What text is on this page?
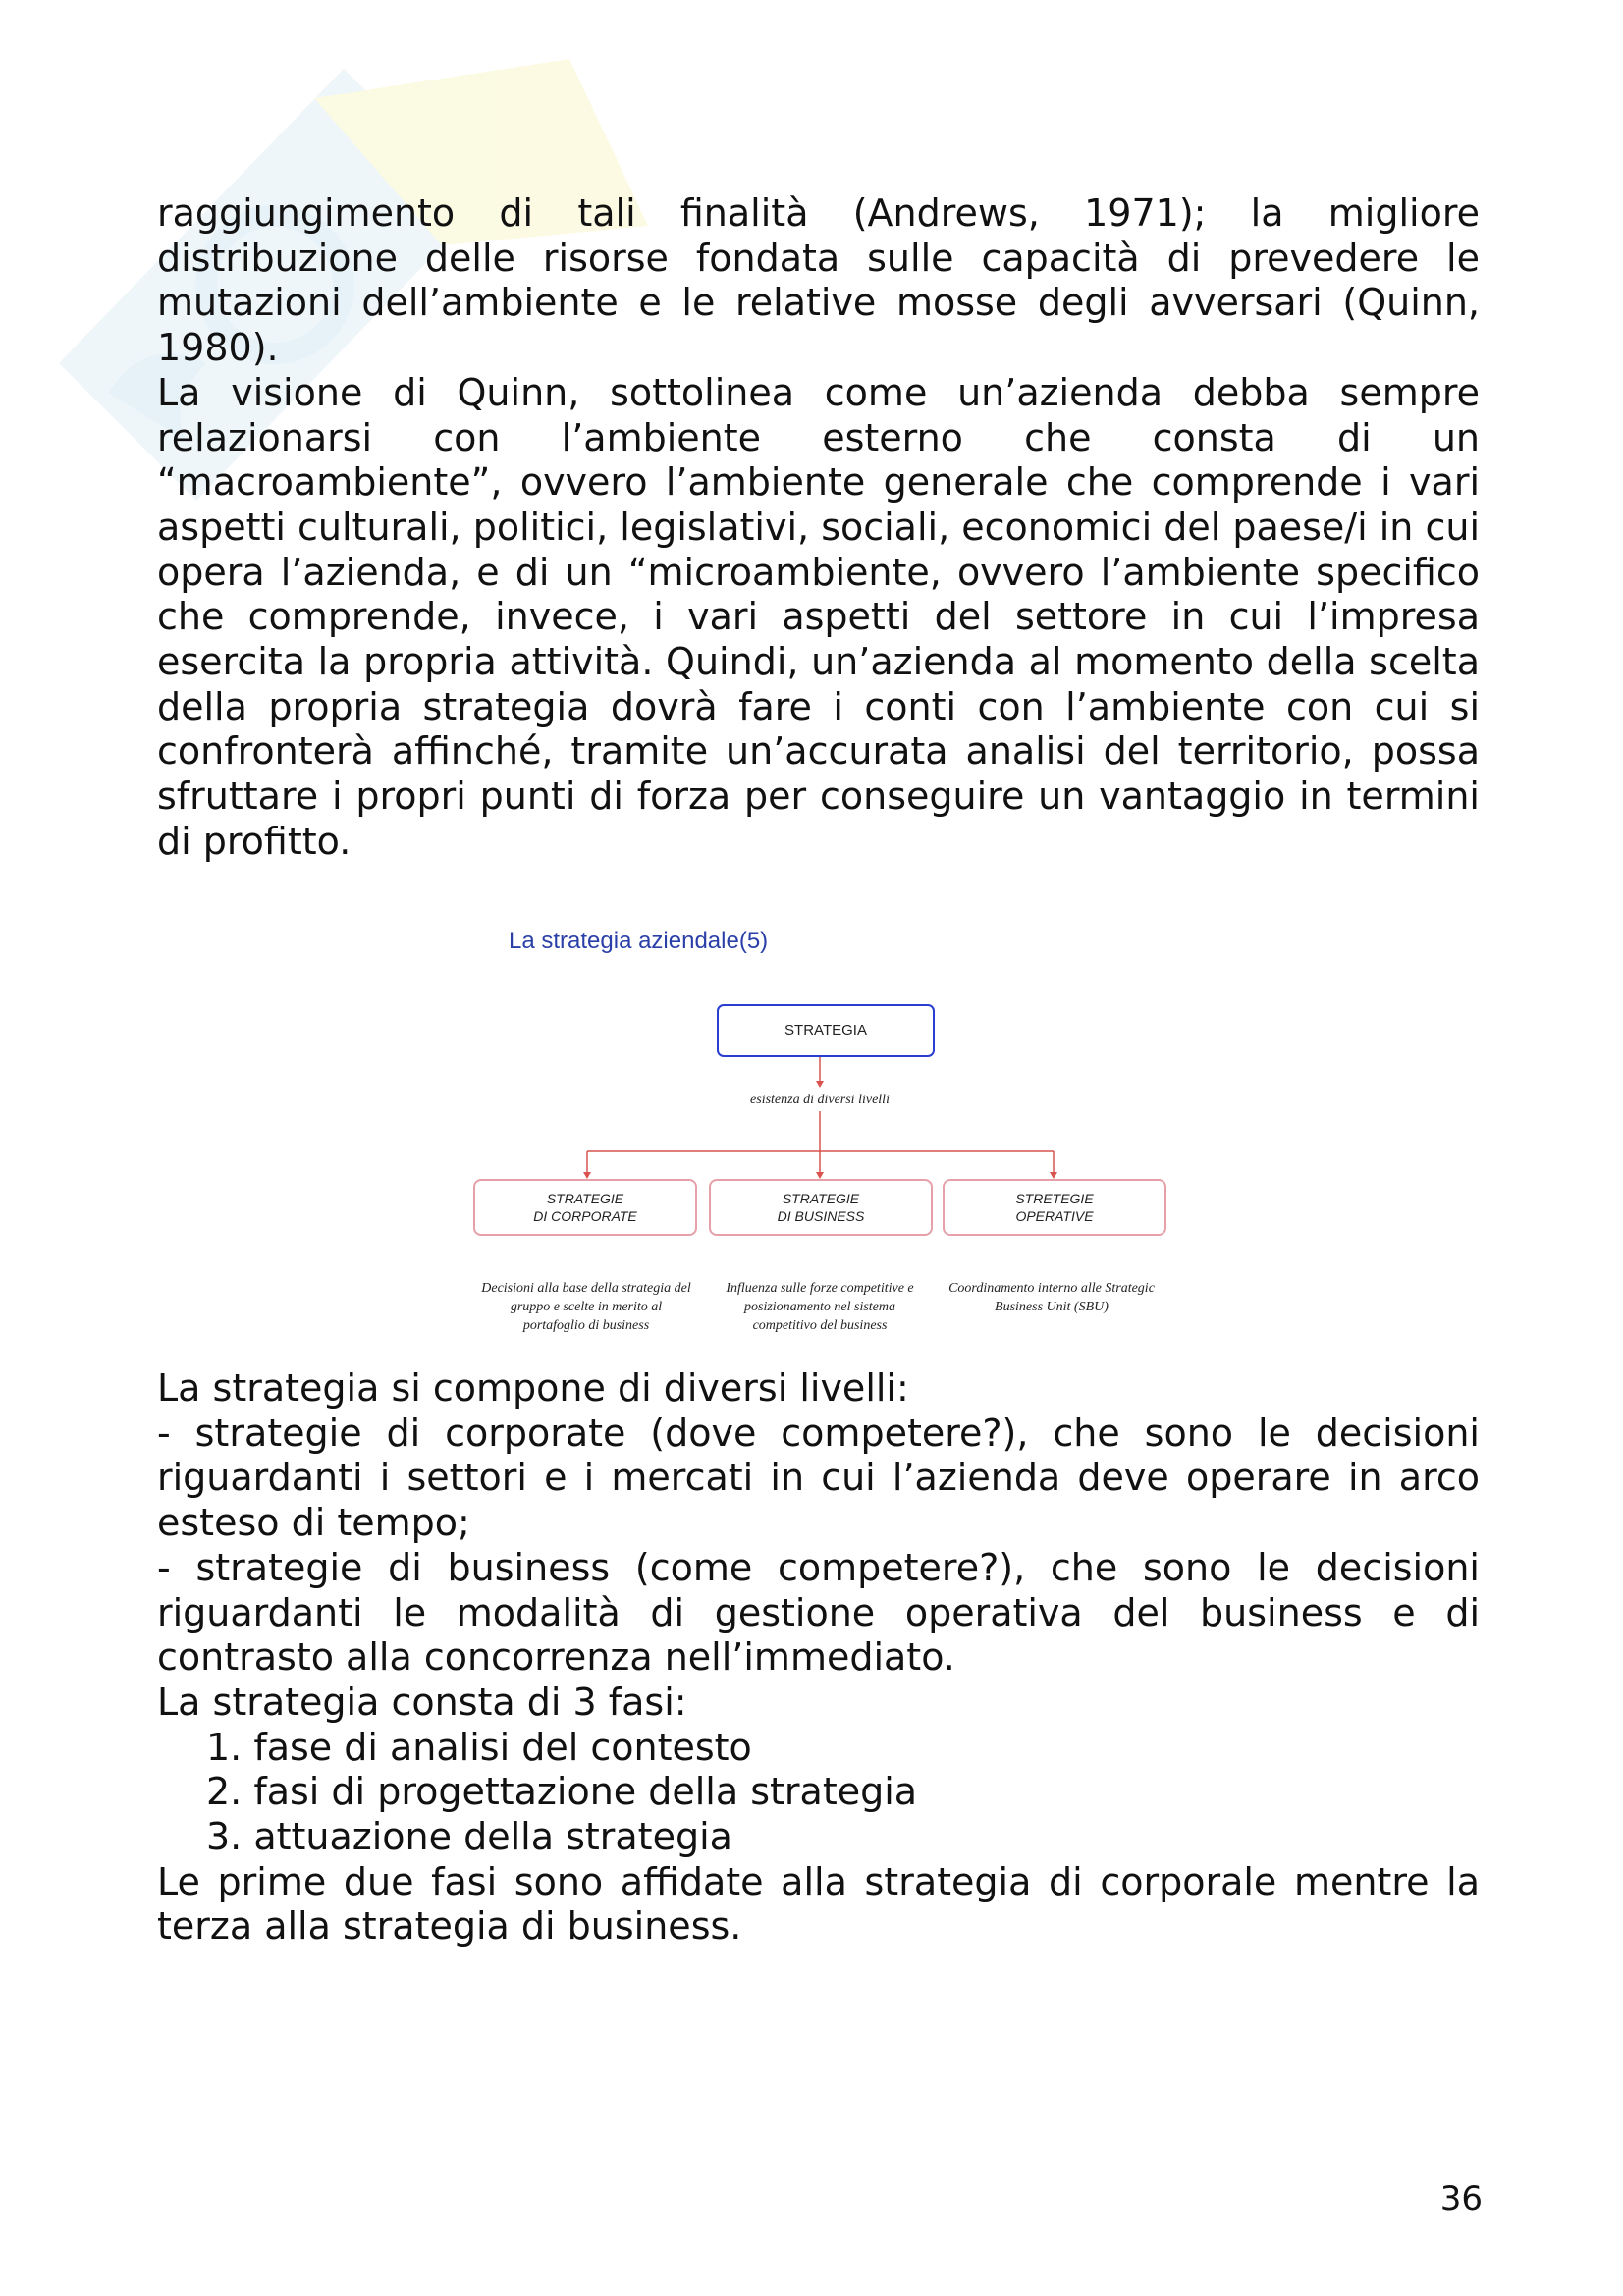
raggiungimento di tali finalità (Andrews, 1971); la migliore distribuzione delle risorse fondata sulle capacità di prevedere le mutazioni dell’ambiente e le relative mosse degli avversari (Quinn, 1980).

La visione di Quinn, sottolinea come un’azienda debba sempre relazionarsi con l’ambiente esterno che consta di un “macroambiente”, ovvero l’ambiente generale che comprende i vari aspetti culturali, politici, legislativi, sociali, economici del paese/i in cui opera l’azienda, e di un “microambiente, ovvero l’ambiente specifico che comprende, invece, i vari aspetti del settore in cui l’impresa esercita la propria attività. Quindi, un’azienda al momento della scelta della propria strategia dovrà fare i conti con l’ambiente con cui si confronterà affinché, tramite un’accurata analisi del territorio, possa sfruttare i propri punti di forza per conseguire un vantaggio in termini di profitto.

La strategia aziendale(5)
STRATEGIA
esistenza di diversi livelli
STRATEGIE
DI CORPORATE
STRATEGIE
DI BUSINESS
STRETEGIE
OPERATIVE
Decisioni alla base della strategia del gruppo e scelte in merito al portafoglio di business
Influenza sulle forze competitive e posizionamento nel sistema competitivo del business
Coordinamento interno alle Strategic Business Unit (SBU)

La strategia si compone di diversi livelli:

- strategie di corporate (dove competere?), che sono le decisioni riguardanti i settori e i mercati in cui l’azienda deve operare in arco esteso di tempo;

- strategie di business (come competere?), che sono le decisioni riguardanti le modalità di gestione operativa del business e di contrasto alla concorrenza nell’immediato.

La strategia consta di 3 fasi:

1. fase di analisi del contesto

2. fasi di progettazione della strategia

3. attuazione della strategia

Le prime due fasi sono affidate alla strategia di corporale mentre la terza alla strategia di business.

36
